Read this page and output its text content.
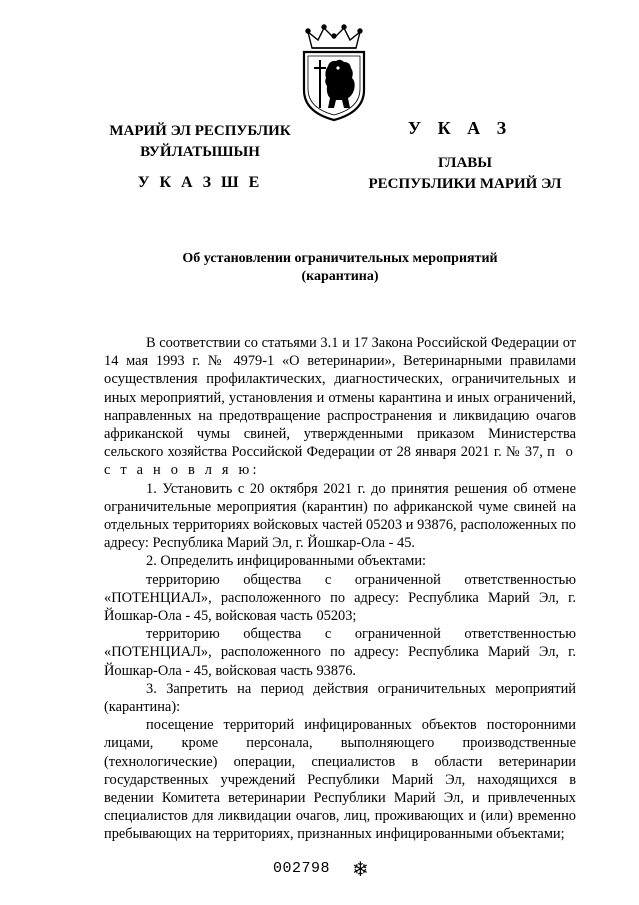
МАРИЙ ЭЛ РЕСПУБЛИК
ВУЙЛАТЫШЫН
У К А З Ш Е
У К А З
ГЛАВЫ
РЕСПУБЛИКИ МАРИЙ ЭЛ
Об установлении ограничительных мероприятий
(карантина)

В соответствии со статьями 3.1 и 17 Закона Российской Федерации от 14 мая 1993 г. № 4979-1 «О ветеринарии», Ветеринарными правилами осуществления профилактических, диагностических, ограничительных и иных мероприятий, установления и отмены карантина и иных ограничений, направленных на предотвращение распространения и ликвидацию очагов африканской чумы свиней, утвержденными приказом Министерства сельского хозяйства Российской Федерации от 28 января 2021 г. № 37, п о с т а н о в л я ю:

1. Установить с 20 октября 2021 г. до принятия решения об отмене ограничительные мероприятия (карантин) по африканской чуме свиней на отдельных территориях войсковых частей 05203 и 93876, расположенных по адресу: Республика Марий Эл, г. Йошкар-Ола - 45.

2. Определить инфицированными объектами:

территорию общества с ограниченной ответственностью «ПОТЕНЦИАЛ», расположенного по адресу: Республика Марий Эл, г. Йошкар-Ола - 45, войсковая часть 05203;

территорию общества с ограниченной ответственностью «ПОТЕНЦИАЛ», расположенного по адресу: Республика Марий Эл, г. Йошкар-Ола - 45, войсковая часть 93876.

3. Запретить на период действия ограничительных мероприятий (карантина):

посещение территорий инфицированных объектов посторонними лицами, кроме персонала, выполняющего производственные (технологические) операции, специалистов в области ветеринарии государственных учреждений Республики Марий Эл, находящихся в ведении Комитета ветеринарии Республики Марий Эл, и привлеченных специалистов для ликвидации очагов, лиц, проживающих и (или) временно пребывающих на территориях, признанных инфицированными объектами;

002798 ❄
